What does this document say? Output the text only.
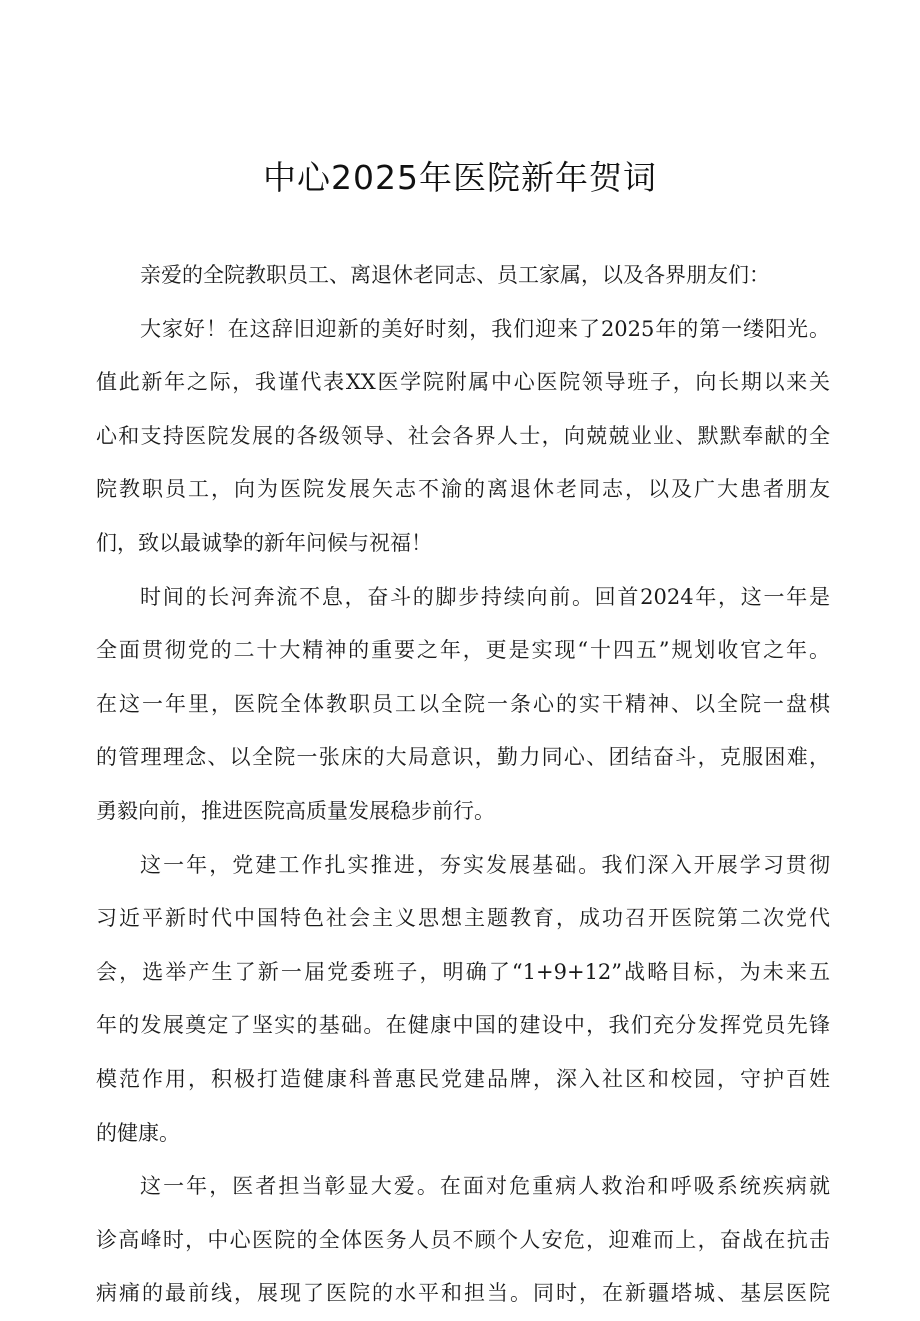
中心2025年医院新年贺词
亲爱的全院教职员工、离退休老同志、员工家属，以及各界朋友们：
大家好！在这辞旧迎新的美好时刻，我们迎来了2025年的第一缕阳光。
值此新年之际，我谨代表XX医学院附属中心医院领导班子，向长期以来关
心和支持医院发展的各级领导、社会各界人士，向兢兢业业、默默奉献的全
院教职员工，向为医院发展矢志不渝的离退休老同志，以及广大患者朋友
们，致以最诚挚的新年问候与祝福！
时间的长河奔流不息，奋斗的脚步持续向前。回首2024年，这一年是
全面贯彻党的二十大精神的重要之年，更是实现“十四五”规划收官之年。
在这一年里，医院全体教职员工以全院一条心的实干精神、以全院一盘棋
的管理理念、以全院一张床的大局意识，勤力同心、团结奋斗，克服困难，
勇毅向前，推进医院高质量发展稳步前行。
这一年，党建工作扎实推进，夯实发展基础。我们深入开展学习贯彻
习近平新时代中国特色社会主义思想主题教育，成功召开医院第二次党代
会，选举产生了新一届党委班子，明确了“1+9+12”战略目标，为未来五
年的发展奠定了坚实的基础。在健康中国的建设中，我们充分发挥党员先锋
模范作用，积极打造健康科普惠民党建品牌，深入社区和校园，守护百姓
的健康。
这一年，医者担当彰显大爱。在面对危重病人救治和呼吸系统疾病就
诊高峰时，中心医院的全体医务人员不顾个人安危，迎难而上，奋战在抗击
病痛的最前线，展现了医院的水平和担当。同时，在新疆塔城、基层医院
